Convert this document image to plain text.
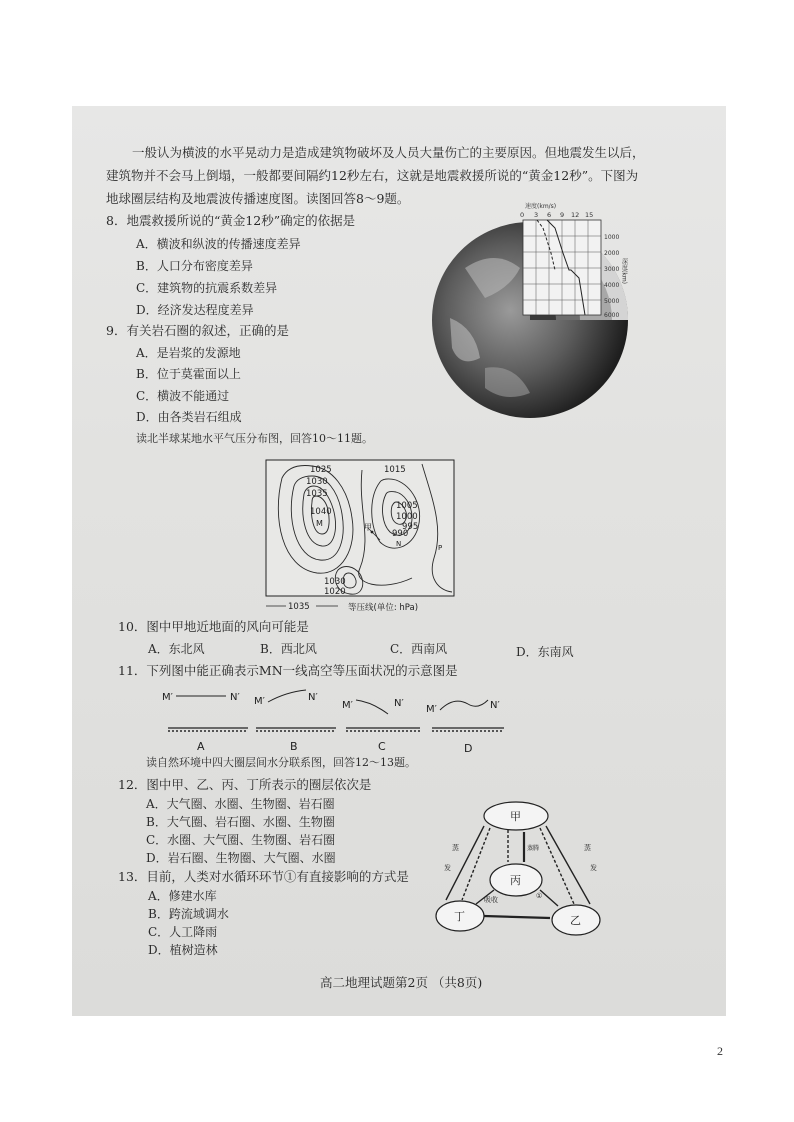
一般认为横波的水平晃动力是造成建筑物破坏及人员大量伤亡的主要原因。但地震发生以后，
建筑物并不会马上倒塌，一般都要间隔约12秒左右，这就是地震救援所说的“黄金12秒”。下图为
地球圈层结构及地震波传播速度图。读图回答8～9题。
8．地震救援所说的“黄金12秒”确定的依据是
A．横波和纵波的传播速度差异
B．人口分布密度差异
C．建筑物的抗震系数差异
D．经济发达程度差异
9．有关岩石圈的叙述，正确的是
A．是岩浆的发源地
B．位于莫霍面以上
C．横波不能通过
D．由各类岩石组成
速度(km/s)
0 3 6 9 12 15
1000
2000
3000
4000
5000
6000
深度(km)
读北半球某地水平气压分布图，回答10～11题。
1025
1030
1035
1040
M
1015
1005
1000
995
990
N
甲
P
1030
1020
1035	等压线(单位: hPa)
10．图中甲地近地面的风向可能是
A．东北风	B．西北风	C．西南风	D．东南风
11．下列图中能正确表示MN一线高空等压面状况的示意图是
M′	N′
A
M′	N′
B
M′	N′
C
M′	N′
D
读自然环境中四大圈层间水分联系图，回答12～13题。
12．图中甲、乙、丙、丁所表示的圈层依次是
A．大气圈、水圈、生物圈、岩石圈
B．大气圈、岩石圈、水圈、生物圈
C．水圈、大气圈、生物圈、岩石圈
D．岩石圈、生物圈、大气圈、水圈
13．目前，人类对水循环环节①有直接影响的方式是
A．修建水库
B．跨流域调水
C．人工降雨
D．植树造林
甲
丙
丁	乙
蒸
发
蒸
发
蒸腾
吸收	①
高二地理试题第2页 （共8页)
2
